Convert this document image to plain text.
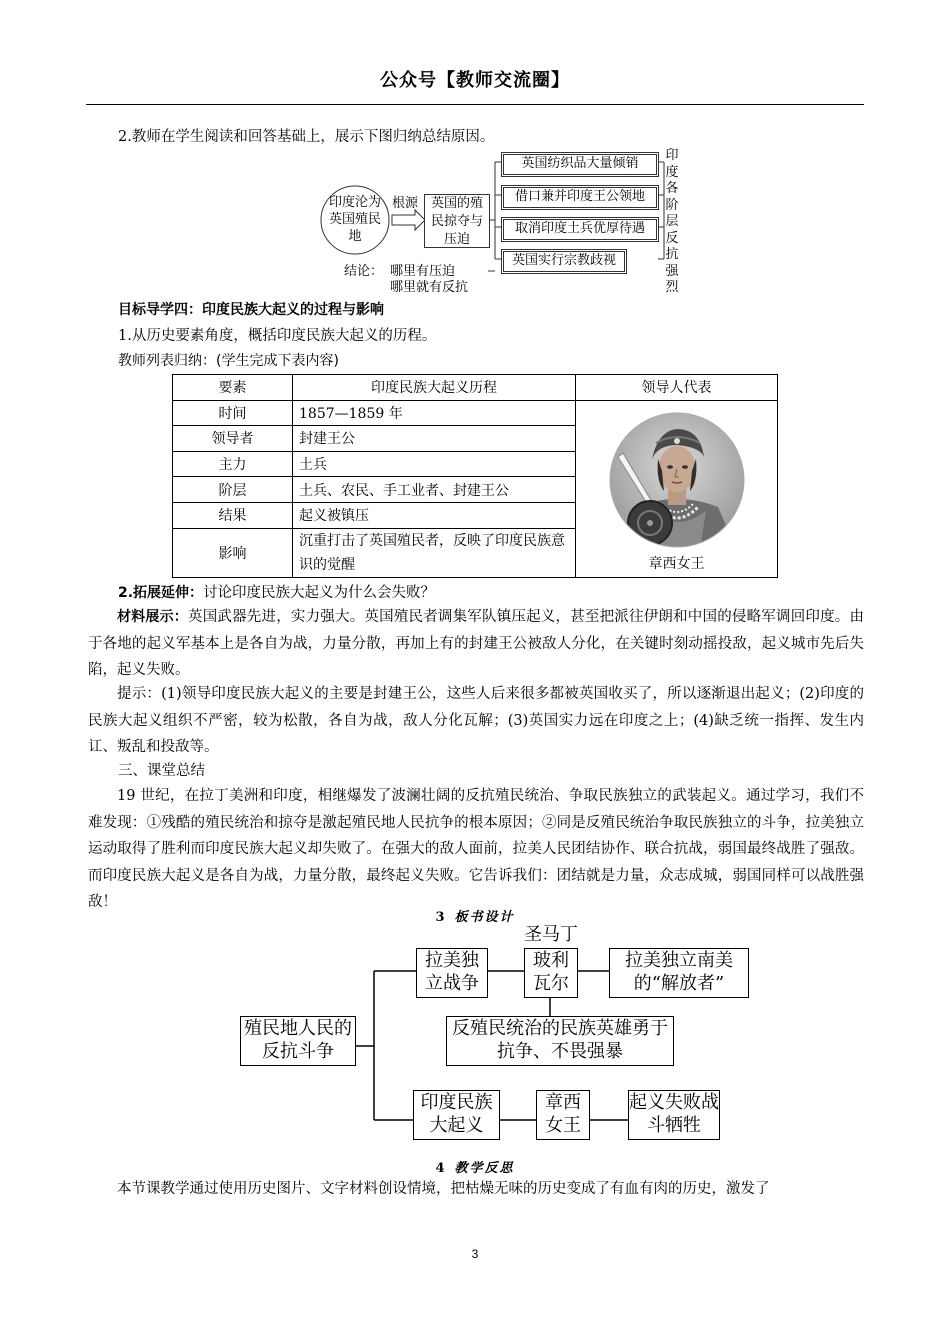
公众号【教师交流圈】
2.教师在学生阅读和回答基础上，展示下图归纳总结原因。
印度沦为英国殖民地
根源 英国的殖民掠夺与压迫
英国纺织品大量倾销
借口兼并印度王公领地
取消印度土兵优厚待遇
英国实行宗教歧视
印度各阶层反抗强烈
结论： 哪里有压迫
哪里就有反抗
目标导学四：印度民族大起义的过程与影响
1.从历史要素角度，概括印度民族大起义的历程。
教师列表归纳：(学生完成下表内容)
要素	印度民族大起义历程	领导人代表
时间	1857—1859 年	章西女王

领导者	封建王公	
主力	土兵	
阶层	土兵、农民、手工业者、封建王公	
结果	起义被镇压	
影响	沉重打击了英国殖民者，反映了印度民族意识的觉醒	
2.拓展延伸：讨论印度民族大起义为什么会失败？
材料展示：英国武器先进，实力强大。英国殖民者调集军队镇压起义，甚至把派往伊朗和中国的侵略军调回印度。由于各地的起义军基本上是各自为战，力量分散，再加上有的封建王公被敌人分化，在关键时刻动摇投敌，起义城市先后失陷，起义失败。
提示：(1)领导印度民族大起义的主要是封建王公，这些人后来很多都被英国收买了，所以逐渐退出起义；(2)印度的民族大起义组织不严密，较为松散，各自为战，敌人分化瓦解；(3)英国实力远在印度之上；(4)缺乏统一指挥、发生内讧、叛乱和投敌等。
三、课堂总结
19 世纪，在拉丁美洲和印度，相继爆发了波澜壮阔的反抗殖民统治、争取民族独立的武装起义。通过学习，我们不难发现：①残酷的殖民统治和掠夺是激起殖民地人民抗争的根本原因；②同是反殖民统治争取民族独立的斗争，拉美独立运动取得了胜利而印度民族大起义却失败了。在强大的敌人面前，拉美人民团结协作、联合抗战，弱国最终战胜了强敌。而印度民族大起义是各自为战，力量分散，最终起义失败。它告诉我们：团结就是力量，众志成城，弱国同样可以战胜强敌！
3 板书设计
殖民地人民的反抗斗争
圣马丁
拉美独立战争
玻利瓦尔
拉美独立南美的“解放者”
反殖民统治的民族英雄勇于抗争、不畏强暴
印度民族大起义
章西女王
起义失败战斗牺牲
4 教学反思
本节课教学通过使用历史图片、文字材料创设情境，把枯燥无味的历史变成了有血有肉的历史，激发了
3
